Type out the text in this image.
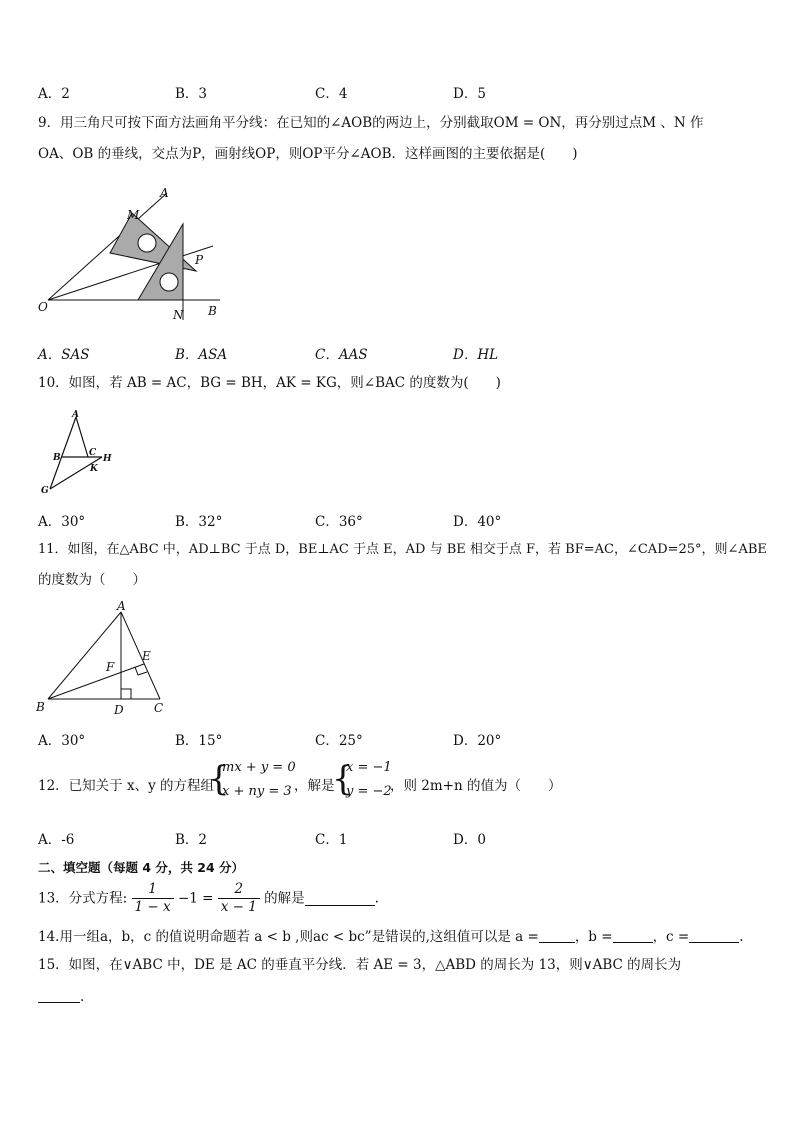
A．2	B．3	C．4	D．5
9．用三角尺可按下面方法画角平分线：在已知的∠AOB的两边上，分别截取OM = ON，再分别过点M 、N 作
OA、OB 的垂线，交点为P，画射线OP，则OP平分∠AOB．这样画图的主要依据是(　　)
A
M
P
O
N B
A．SAS	B．ASA	C．AAS	D．HL
10．如图，若 AB = AC，BG = BH，AK = KG，则∠BAC 的度数为(　　)
A
B	C
H
K
G
A．30°	B．32°	C．36°	D．40°
11．如图，在△ABC 中，AD⊥BC 于点 D，BE⊥AC 于点 E，AD 与 BE 相交于点 F，若 BF=AC，∠CAD=25°，则∠ABE
的度数为（　　）
A
E
F
B	D	C
A．30°	B．15°	C．25°	D．20°
12．已知关于 x、y 的方程组
{
mx + y = 0
x + ny = 3 ，解是
{
x = −1
y = −2
，则 2m+n 的值为（　　）
A．-6	B．2	C．1	D．0
二、填空题（每题 4 分，共 24 分）
13．分式方程: $\frac{1}{1 - x} -1 = \frac{2}{x - 1}$ 的解是	.
14.用一组a，b，c 的值说明命题若 a < b ,则ac < bc”是错误的,这组值可以是 a =	，b =	，c =	.
15．如图，在∨ABC 中，DE 是 AC 的垂直平分线．若 AE = 3，△ABD 的周长为 13，则∨ABC 的周长为
.
